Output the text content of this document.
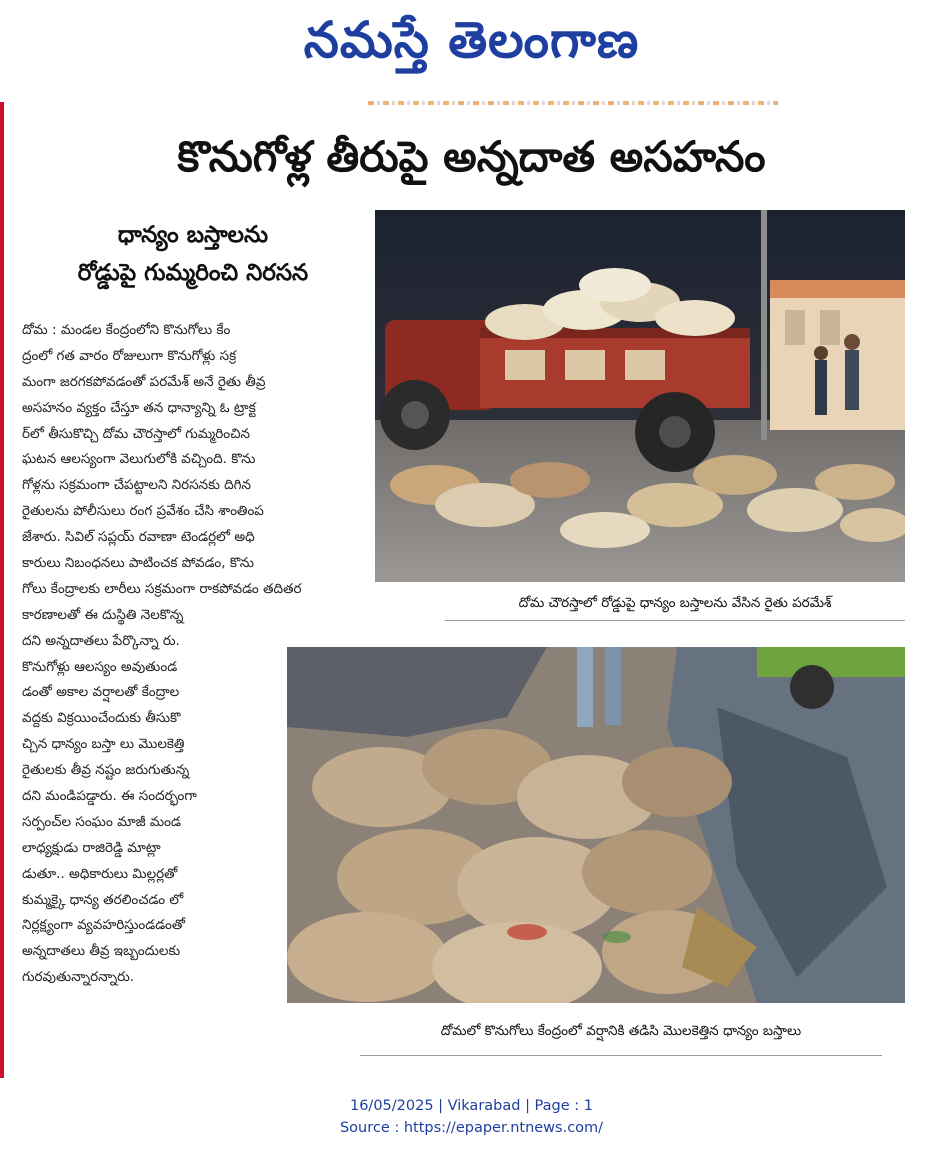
నమస్తే తెలంగాణ
కొనుగోళ్ల తీరుపై అన్నదాత అసహనం
ధాన్యం బస్తాలను
రోడ్డుపై గుమ్మరించి నిరసన
దోమ : మండల కేంద్రంలోని కొనుగోలు కేం
ద్రంలో గత వారం రోజులుగా కొనుగోళ్లు సక్ర
మంగా జరగకపోవడంతో పరమేశ్ అనే రైతు తీవ్ర
అసహనం వ్యక్తం చేస్తూ తన ధాన్యాన్ని ఓ ట్రాక్ట
ర్‌లో తీసుకొచ్చి దోమ చౌరస్తాలో గుమ్మరించిన
ఘటన ఆలస్యంగా వెలుగులోకి వచ్చింది. కొను
గోళ్లను సక్రమంగా చేపట్టాలని నిరసనకు దిగిన
రైతులను పోలీసులు రంగ ప్రవేశం చేసి శాంతింప
జేశారు. సివిల్ సప్లయ్ రవాణా టెండర్లలో అధి
కారులు నిబంధనలు పాటించక పోవడం, కొను
గోలు కేంద్రాలకు లారీలు సక్రమంగా రాకపోవడం తదితర
కారణాలతో ఈ దుస్థితి నెలకొన్న
దని అన్నదాతలు పేర్కొన్నా రు.
కొనుగోళ్లు ఆలస్యం అవుతుండ
డంతో అకాల వర్షాలతో కేంద్రాల
వద్దకు విక్రయించేందుకు తీసుకొ
చ్చిన ధాన్యం బస్తా లు మొలకెత్తి
రైతులకు తీవ్ర నష్టం జరుగుతున్న
దని మండిపడ్డారు. ఈ సందర్భంగా
సర్పంచ్‌ల సంఘం మాజీ మండ
లాధ్యక్షుడు రాజిరెడ్డి మాట్లా
డుతూ.. అధికారులు మిల్లర్లతో
కుమ్మక్కై ధాన్య తరలించడం లో
నిర్లక్ష్యంగా వ్యవహరిస్తుండడంతో
అన్నదాతలు తీవ్ర ఇబ్బందులకు
గురవుతున్నారన్నారు.
దోమ చౌరస్తాలో రోడ్డుపై ధాన్యం బస్తాలను వేసిన రైతు పరమేశ్
దోమలో కొనుగోలు కేంద్రంలో వర్షానికి తడిసి మొలకెత్తిన ధాన్యం బస్తాలు
16/05/2025 | Vikarabad | Page : 1
Source : https://epaper.ntnews.com/
